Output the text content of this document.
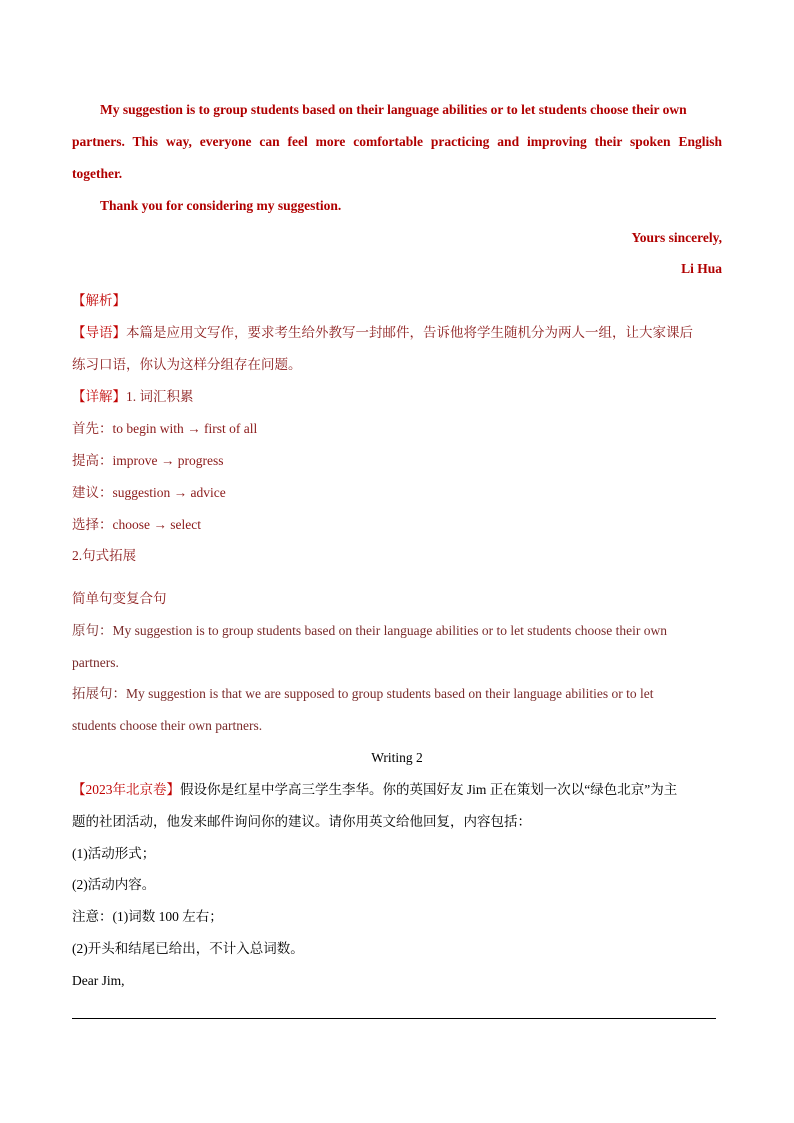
My suggestion is to group students based on their language abilities or to let students choose their own
partners. This way, everyone can feel more comfortable practicing and improving their spoken English
together.
Thank you for considering my suggestion.
Yours sincerely,
Li Hua
【解析】
【导语】本篇是应用文写作，要求考生给外教写一封邮件，告诉他将学生随机分为两人一组，让大家课后
练习口语，你认为这样分组存在问题。
【详解】1. 词汇积累
首先：to begin with → first of all
提高：improve → progress
建议：suggestion → advice
选择：choose → select
2.句式拓展
简单句变复合句
原句：My suggestion is to group students based on their language abilities or to let students choose their own
partners.
拓展句：My suggestion is that we are supposed to group students based on their language abilities or to let
students choose their own partners.
Writing 2
【2023年北京卷】假设你是红星中学高三学生李华。你的英国好友 Jim 正在策划一次以“绿色北京”为主
题的社团活动，他发来邮件询问你的建议。请你用英文给他回复，内容包括：
(1)活动形式；
(2)活动内容。
注意：(1)词数 100 左右；
(2)开头和结尾已给出，不计入总词数。
Dear Jim,
